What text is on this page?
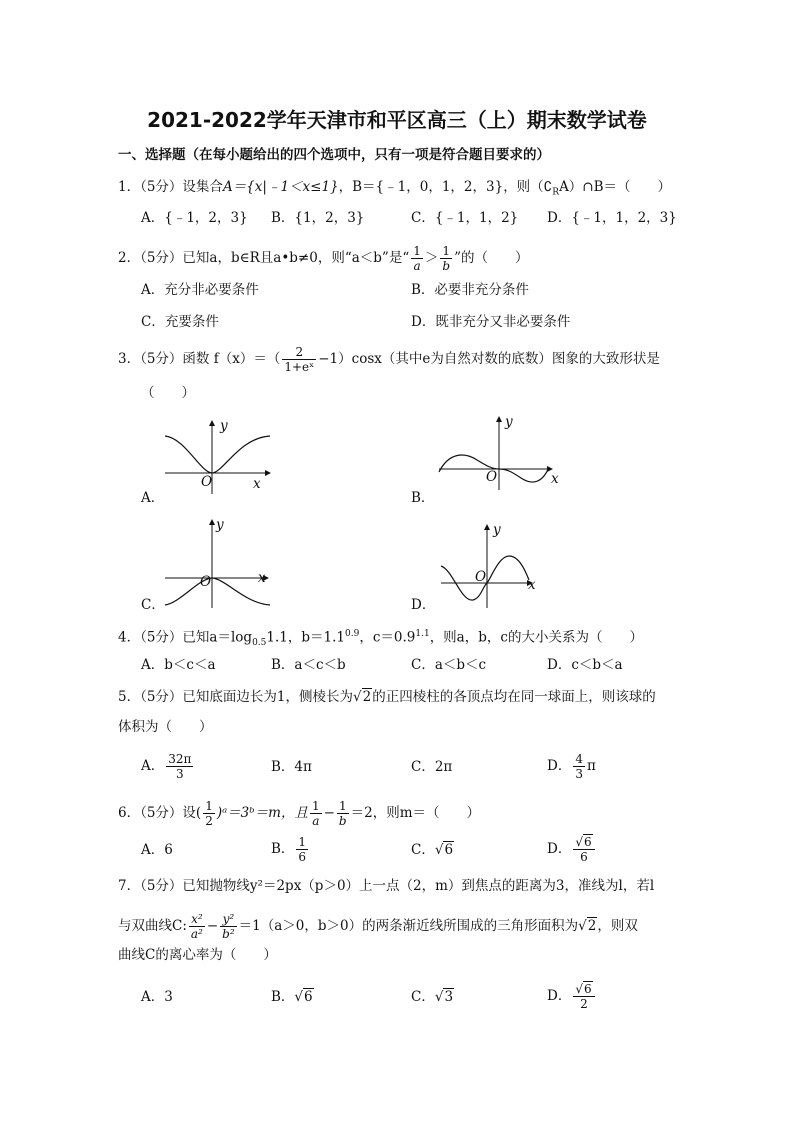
2021-2022学年天津市和平区高三（上）期末数学试卷
一、选择题（在每小题给出的四个选项中，只有一项是符合题目要求的）
1．（5分）设集合A＝{x|﹣1＜x≤1}，B＝{﹣1，0，1，2，3}，则$(∁_RA)\cap B=$（　　）
A．{﹣1，2，3} B．{1，2，3}	C．{﹣1，1，2} D．{﹣1，1，2，3}
2．（5分）已知a，b∈R且a•b≠0，则“a＜b”是“ $\frac{1}{a} > \frac{1}{b}$ ”的（　　）
A．充分非必要条件	B．必要非充分条件
C．充要条件	D．既非充分又非必要条件
3．（5分）函数 $f(x)=( \frac{2}{\text{1+eˣ}} -1)\cos x$（其中e为自然对数的底数）图象的大致形状是
（　　）
y
O	x
A．
y
O	x
B．
y
O	x
C．
y
O	x
D．
4．（5分）已知$a=\log_{0.5}1.1$，$b=1.1^{0.9}$，$c=0.9^{1.1}$，则a，b，c的大小关系为（　　）
A．b＜c＜a	B．a＜c＜b	C．a＜b＜c	D．c＜b＜a
5．（5分）已知底面边长为1，侧棱长为√2的正四棱柱的各顶点均在同一球面上，则该球的
体积为（　　）
A． $\frac{32\pi}{3}$	B．4π	C．2π	D． $\frac{4}{3}$ π
6．（5分）设( $\frac{1}{2}$ )ᵃ＝3ᵇ＝m，且 $\frac{1}{a} - \frac{1}{b} =2$，则m＝（　　）
A．6	B． $\frac{1}{6}$	C．√6	D． $\frac{√6}{6}$
7．（5分）已知抛物线y²＝2px（p＞0）上一点（2，m）到焦点的距离为3，准线为l，若l
与双曲线C: $\frac{\text{x²}}{\text{a²}} - \frac{\text{y²}}{\text{b²}} =1(a>0$，b＞0）的两条渐近线所围成的三角形面积为√2，则双
曲线C的离心率为（　　）
A．3	B．√6	C．√3	D． $\frac{√6}{2}$
